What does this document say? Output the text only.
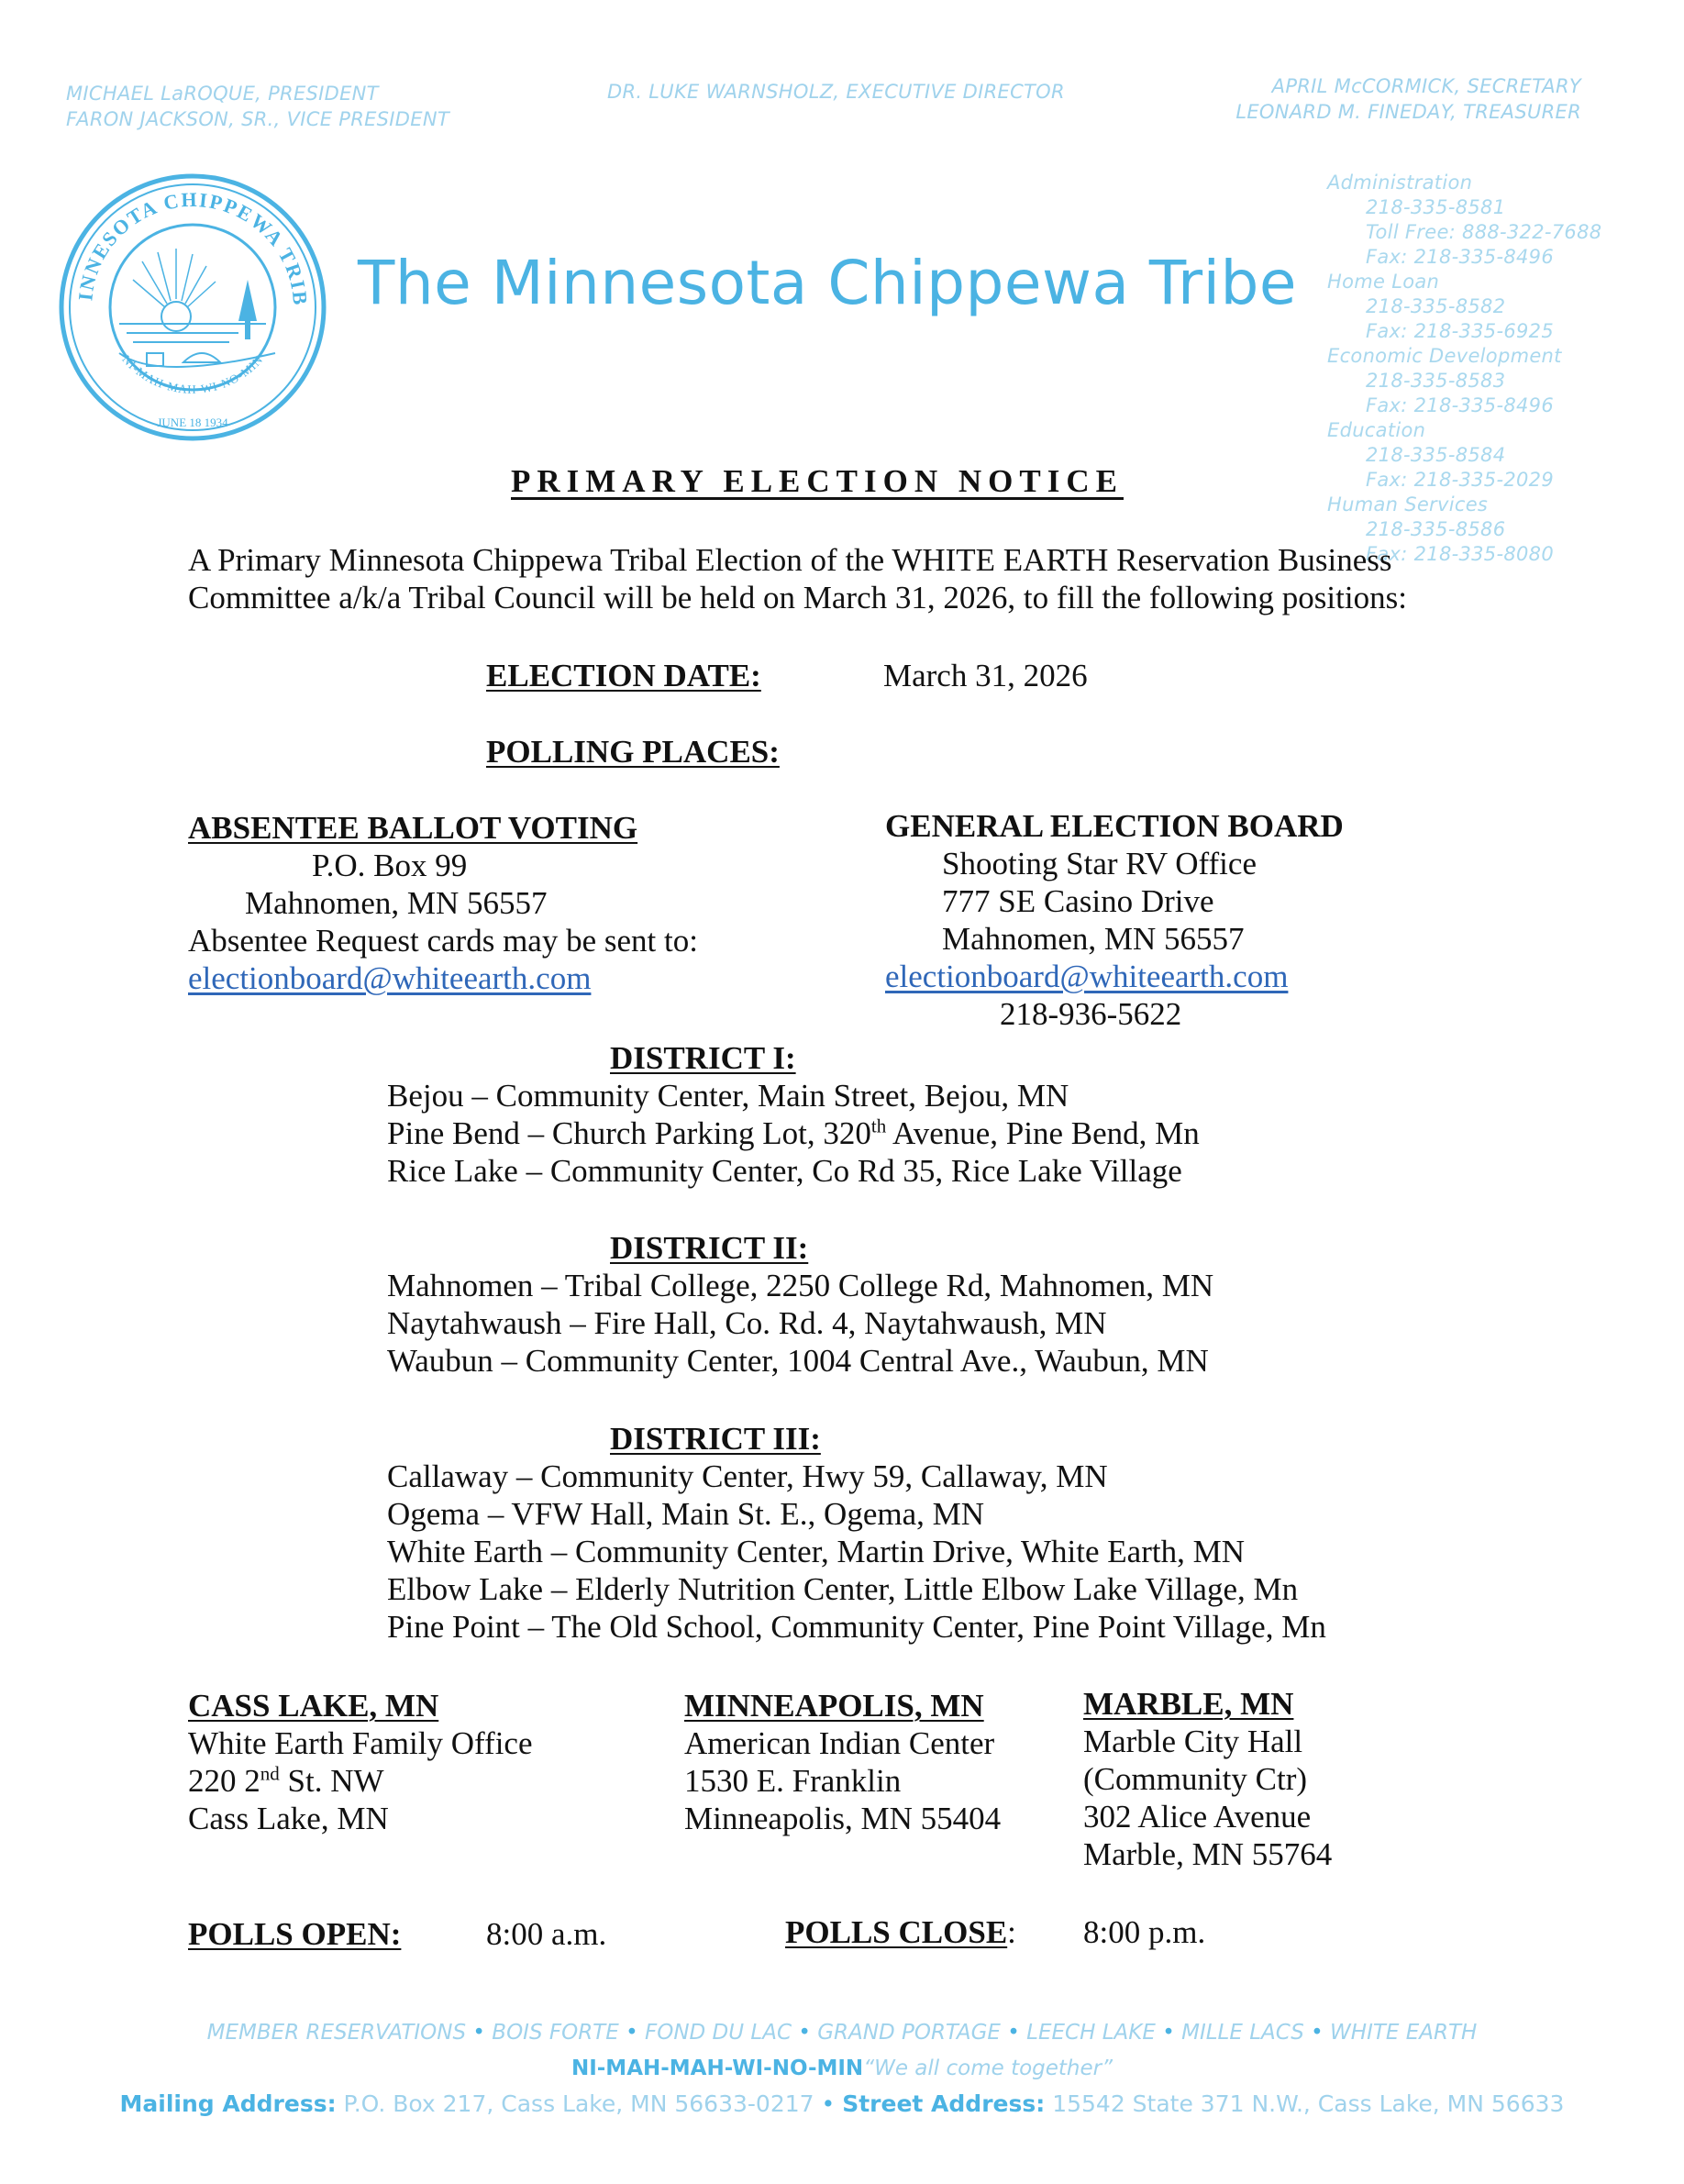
MICHAEL LaROQUE, PRESIDENT
FARON JACKSON, SR., VICE PRESIDENT
DR. LUKE WARNSHOLZ, EXECUTIVE DIRECTOR	APRIL McCORMICK, SECRETARY
LEONARD M. FINEDAY, TREASURER
INNESOTA CHIPPEWA TRIB
NI-MAH-MAH-WI-NO-MIN
JUNE 18 1934
The Minnesota Chippewa Tribe
Administration
218-335-8581
Toll Free: 888-322-7688
Fax: 218-335-8496
Home Loan
218-335-8582
Fax: 218-335-6925
Economic Development
218-335-8583
Fax: 218-335-8496
Education
218-335-8584
Fax: 218-335-2029
Human Services
218-335-8586
Fax: 218-335-8080
PRIMARY ELECTION NOTICE
A Primary Minnesota Chippewa Tribal Election of the WHITE EARTH Reservation Business
Committee a/k/a Tribal Council will be held on March 31, 2026, to fill the following positions:
ELECTION DATE:	March 31, 2026
POLLING PLACES:
ABSENTEE BALLOT VOTING
P.O. Box 99
Mahnomen, MN 56557
Absentee Request cards may be sent to:
electionboard@whiteearth.com
GENERAL ELECTION BOARD
Shooting Star RV Office
777 SE Casino Drive
Mahnomen, MN 56557
electionboard@whiteearth.com
218-936-5622
DISTRICT I:
Bejou – Community Center, Main Street, Bejou, MN
Pine Bend – Church Parking Lot, 320th Avenue, Pine Bend, Mn
Rice Lake – Community Center, Co Rd 35, Rice Lake Village
DISTRICT II:
Mahnomen – Tribal College, 2250 College Rd, Mahnomen, MN
Naytahwaush – Fire Hall, Co. Rd. 4, Naytahwaush, MN
Waubun – Community Center, 1004 Central Ave., Waubun, MN
DISTRICT III:
Callaway – Community Center, Hwy 59, Callaway, MN
Ogema – VFW Hall, Main St. E., Ogema, MN
White Earth – Community Center, Martin Drive, White Earth, MN
Elbow Lake – Elderly Nutrition Center, Little Elbow Lake Village, Mn
Pine Point – The Old School, Community Center, Pine Point Village, Mn
CASS LAKE, MN
White Earth Family Office
220 2nd St. NW
Cass Lake, MN
MINNEAPOLIS, MN
American Indian Center
1530 E. Franklin
Minneapolis, MN 55404
MARBLE, MN
Marble City Hall
(Community Ctr)
302 Alice Avenue
Marble, MN 55764
POLLS OPEN:	8:00 a.m.	POLLS CLOSE: 8:00 p.m.
MEMBER RESERVATIONS • BOIS FORTE • FOND DU LAC • GRAND PORTAGE • LEECH LAKE • MILLE LACS • WHITE EARTH
NI-MAH-MAH-WI-NO-MIN“We all come together”
Mailing Address: P.O. Box 217, Cass Lake, MN 56633-0217 • Street Address: 15542 State 371 N.W., Cass Lake, MN 56633
